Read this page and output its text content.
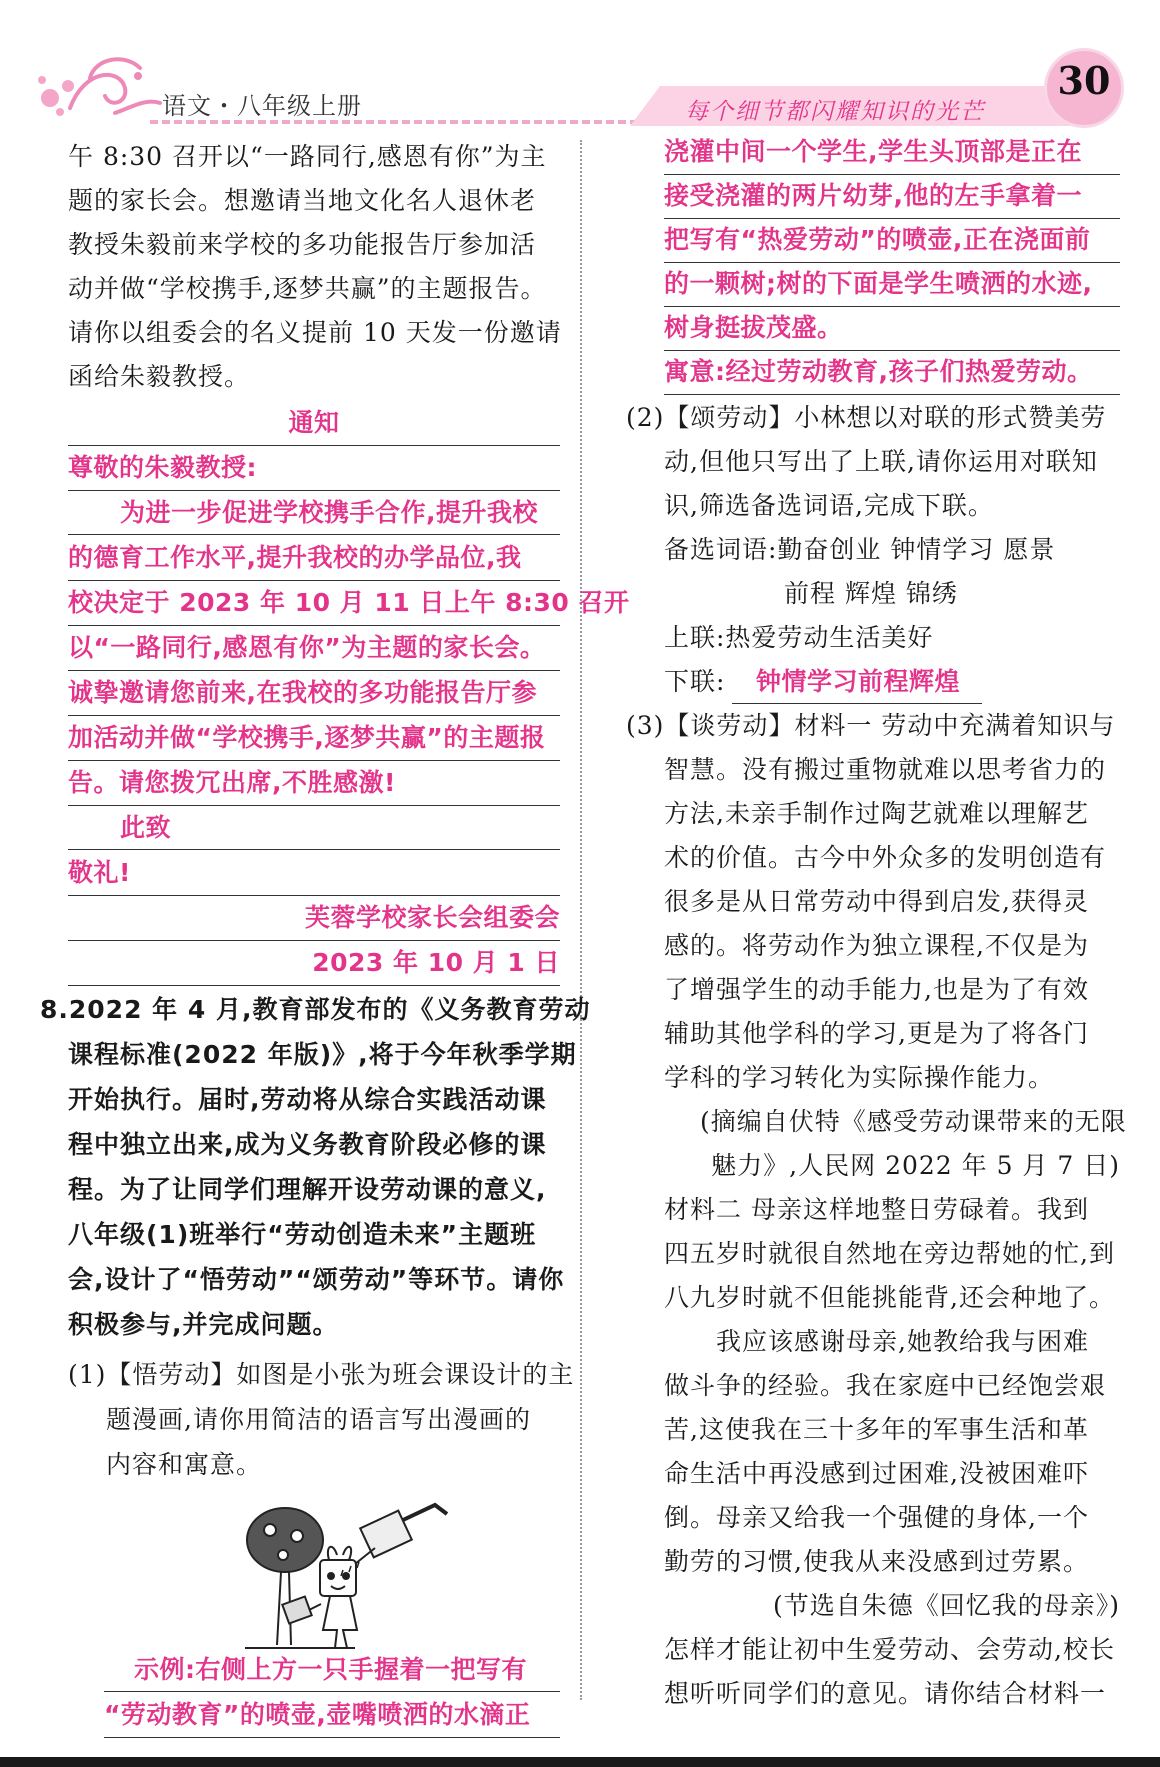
语文・八年级上册	每个细节都闪耀知识的光芒
30
午 8:30 召开以“一路同行,感恩有你”为主
题的家长会。想邀请当地文化名人退休老
教授朱毅前来学校的多功能报告厅参加活
动并做“学校携手,逐梦共赢”的主题报告。
请你以组委会的名义提前 10 天发一份邀请
函给朱毅教授。
通知
尊敬的朱毅教授:
为进一步促进学校携手合作,提升我校
的德育工作水平,提升我校的办学品位,我
校决定于 2023 年 10 月 11 日上午 8:30 召开
以“一路同行,感恩有你”为主题的家长会。
诚挚邀请您前来,在我校的多功能报告厅参
加活动并做“学校携手,逐梦共赢”的主题报
告。请您拨冗出席,不胜感激!
此致
敬礼!
芙蓉学校家长会组委会
2023 年 10 月 1 日
8.2022 年 4 月,教育部发布的《义务教育劳动
课程标准(2022 年版)》,将于今年秋季学期
开始执行。届时,劳动将从综合实践活动课
程中独立出来,成为义务教育阶段必修的课
程。为了让同学们理解开设劳动课的意义,
八年级(1)班举行“劳动创造未来”主题班
会,设计了“悟劳动”“颂劳动”等环节。请你
积极参与,并完成问题。
(1)【悟劳动】如图是小张为班会课设计的主
题漫画,请你用简洁的语言写出漫画的
内容和寓意。
示例:右侧上方一只手握着一把写有
“劳动教育”的喷壶,壶嘴喷洒的水滴正
浇灌中间一个学生,学生头顶部是正在
接受浇灌的两片幼芽,他的左手拿着一
把写有“热爱劳动”的喷壶,正在浇面前
的一颗树;树的下面是学生喷洒的水迹,
树身挺拔茂盛。
寓意:经过劳动教育,孩子们热爱劳动。
(2)【颂劳动】小林想以对联的形式赞美劳
动,但他只写出了上联,请你运用对联知
识,筛选备选词语,完成下联。
备选词语:勤奋创业 钟情学习 愿景
前程 辉煌 锦绣
上联:热爱劳动生活美好
下联:	钟情学习前程辉煌
(3)【谈劳动】材料一 劳动中充满着知识与
智慧。没有搬过重物就难以思考省力的
方法,未亲手制作过陶艺就难以理解艺
术的价值。古今中外众多的发明创造有
很多是从日常劳动中得到启发,获得灵
感的。将劳动作为独立课程,不仅是为
了增强学生的动手能力,也是为了有效
辅助其他学科的学习,更是为了将各门
学科的学习转化为实际操作能力。
(摘编自伏特《感受劳动课带来的无限
魅力》,人民网 2022 年 5 月 7 日)
材料二 母亲这样地整日劳碌着。我到
四五岁时就很自然地在旁边帮她的忙,到
八九岁时就不但能挑能背,还会种地了。
我应该感谢母亲,她教给我与困难
做斗争的经验。我在家庭中已经饱尝艰
苦,这使我在三十多年的军事生活和革
命生活中再没感到过困难,没被困难吓
倒。母亲又给我一个强健的身体,一个
勤劳的习惯,使我从来没感到过劳累。
(节选自朱德《回忆我的母亲》)
怎样才能让初中生爱劳动、会劳动,校长
想听听同学们的意见。请你结合材料一
